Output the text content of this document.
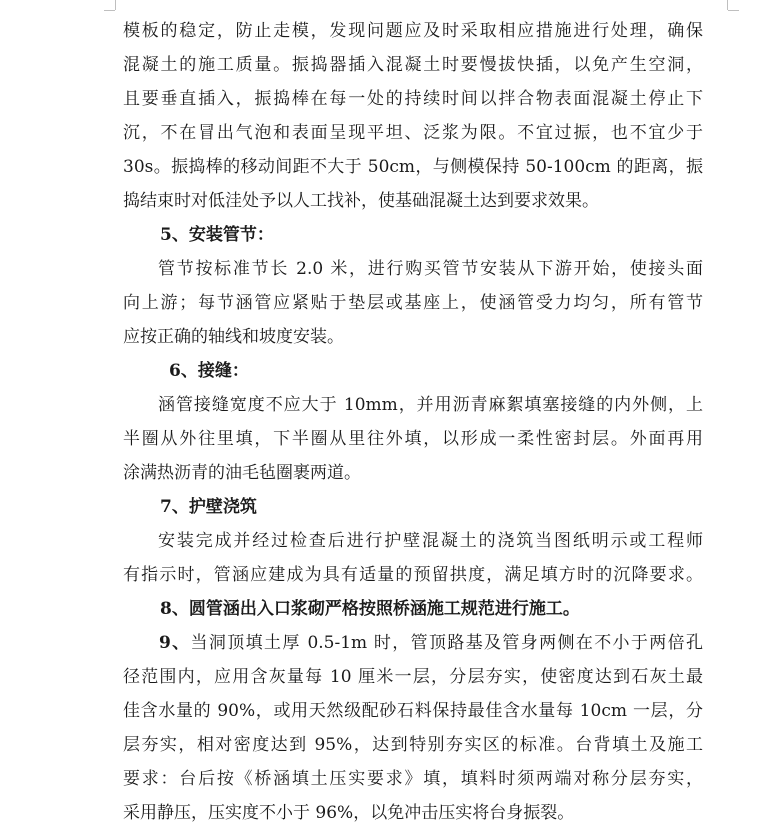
模板的稳定，防止走模，发现问题应及时采取相应措施进行处理，确保
混凝土的施工质量。振捣器插入混凝土时要慢拔快插，以免产生空洞，
且要垂直插入，振捣棒在每一处的持续时间以拌合物表面混凝土停止下
沉，不在冒出气泡和表面呈现平坦、泛浆为限。不宜过振，也不宜少于
30s。振捣棒的移动间距不大于 50cm，与侧模保持 50-100cm 的距离，振
捣结束时对低洼处予以人工找补，使基础混凝土达到要求效果。
5、安装管节：
管节按标准节长 2.0 米，进行购买管节安装从下游开始，使接头面
向上游；每节涵管应紧贴于垫层或基座上，使涵管受力均匀，所有管节
应按正确的轴线和坡度安装。
6、接缝：
涵管接缝宽度不应大于 10mm，并用沥青麻絮填塞接缝的内外侧，上
半圈从外往里填，下半圈从里往外填，以形成一柔性密封层。外面再用
涂满热沥青的油毛毡圈裹两道。
7、护壁浇筑
安装完成并经过检查后进行护壁混凝土的浇筑当图纸明示或工程师
有指示时，管涵应建成为具有适量的预留拱度，满足填方时的沉降要求。
8、圆管涵出入口浆砌严格按照桥涵施工规范进行施工。
9、当洞顶填土厚 0.5-1m 时，管顶路基及管身两侧在不小于两倍孔
径范围内，应用含灰量每 10 厘米一层，分层夯实，使密度达到石灰土最
佳含水量的 90%，或用天然级配砂石料保持最佳含水量每 10cm 一层，分
层夯实，相对密度达到 95%，达到特别夯实区的标准。台背填土及施工
要求：台后按《桥涵填土压实要求》填，填料时须两端对称分层夯实，
采用静压，压实度不小于 96%，以免冲击压实将台身振裂。
